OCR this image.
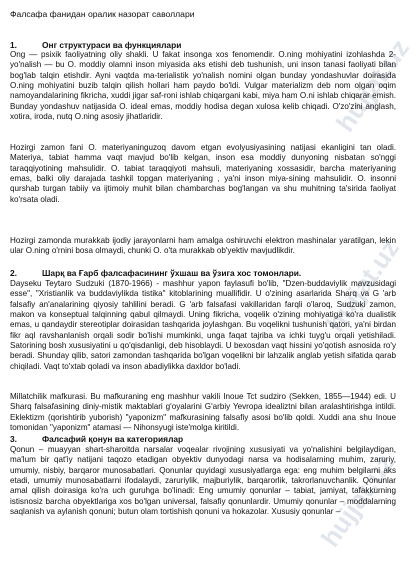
hujjat.uz
hujjat.uz
hujjat.uz
Фалсафа фанидан оралик назорат саволлари
1.	Онг структураси ва функциялари

Ong — psixik faoliyatning oliy shakli. U fakat insonga xos fenomendir. O.ning mohiyatini izohlashda 2-yo'nalish — bu O. moddiy olamni inson miyasida aks etishi deb tushunish, uni inson tanasi faoliyati bilan bog'lab talqin etishdir. Ayni vaqtda ma-terialistik yo'nalish nomini olgan bunday yondashuvlar doirasida O.ning mohiyatini buzib talqin qilish hollari ham paydo bo'ldi. Vulgar materializm deb nom olgan oqim namoyandalarining fikricha, xuddi jigar saf-roni ishlab chiqargani kabi, miya ham O.ni ishlab chiqarar emish. Bunday yondashuv natijasida O. ideal emas, moddiy hodisa degan xulosa kelib chiqadi. O'zo'zini anglash, xotira, iroda, nutq O.ning asosiy jihatlaridir.

Hozirgi zamon fani O. materiyaninguzoq davom etgan evolyusiyasining natijasi ekanligini tan oladi. Materiya, tabiat hamma vaqt mavjud bo'lib kelgan, inson esa moddiy dunyoning nisbatan so'nggi taraqqiyotining mahsulidir. O. tabiat taraqqiyoti mahsuli, materiyaning xossasidir, barcha materiyaning emas, balki oliy darajada tashkil topgan materiyaning , ya'ni inson miya-sining mahsulidir. O. insonni qurshab turgan tabiiy va ijtimoiy muhit bilan chambarchas bog'langan va shu muhitning ta'sirida faoliyat ko'rsata oladi.

Hozirgi zamonda murakkab ijodiy jarayonlarni ham amalga oshiruvchi elektron mashinalar yaratilgan, lekin ular O.ning o'rnini bosa olmaydi, chunki O. o'ta murakkab ob'yektiv mavjudlikdir.

2.	Шарқ ва Ғарб фалсафасининг ўхшаш ва ўзига хос томонлари.

Dayseku Teytaro Sudzuki (1870-1966) - mashhur yapon faylasufi bo'lib, "Dzen-buddaviylik mavzusidagi esse", "Xristianlik va buddaviylikda tistika" kitoblarining muallifidir. U o'zining asarlarida Sharq va G 'arb falsafiy an'analarining qiyosiy tahlilini beradi. G 'arb falsafasi vakillaridan farqli o'laroq, Sudzuki zamon, makon va konseptual talqinning qabul qilmaydi. Uning fikricha, voqelik o'zining mohiyatiga ko'ra dualistik emas, u qandaydir stereotiplar doirasidan tashqarida joylashgan. Bu voqelikni tushunish qatori, ya'ni birdan fikr aql ravshanlanish orqali sodir bo'lishi mumkinki, unga faqat tajriba va ichki tuyg'u orqali yetishiladi. Satorining bosh xususiyatini u qo'qisdanligi, deb hisoblaydi. U bexosdan vaqt hissini yo'qotish asnosida ro'y beradi. Shunday qilib, satori zamondan tashqarida bo'lgan voqelikni bir lahzalik anglab yetish sifatida qarab chiqiladi. Vaqt to'xtab qoladi va inson abadiylikka daxldor bo'ladi.

Millatchilik mafkurasi. Bu mafkuraning eng mashhur vakili Inoue Tct sudziro (Sekken, 1855—1944) edi. U Sharq falsafasining diniy-mistik maktablari g'oyalarini G'arbiy Yevropa idealiztni bilan aralashtirishga intildi. Eklektizm (qorishtirib yuborish) "yaponizm" mafkurasining falsafiy asosi bo'lib qoldi. Xuddi ana shu Inoue tomonidan "yaponizm" atamasi — Nihonsyugi iste'molga kiritildi.

3.	Фалсафий қонун ва категориялар

Qonun – muayyan shart-sharoitda narsalar voqealar rivojining xususiyati va yo'nalishini belgilaydigan, ma'lum bir qat'iy natijani taqozo etadigan obyektiv dunyodagi narsa va hodisalarning muhim, zaruriy, umumiy, nisbiy, barqaror munosabatlari. Qonunlar quyidagi xususiyatlarga ega: eng muhim belgilarni aks etadi, umumiy munosabatlarni ifodalaydi, zaruriylik, majburiylik, barqarorlik, takrorlanuvchanlik. Qonunlar amal qilish doirasiga ko'ra uch guruhga bo'linadi: Eng umumiy qonunlar – tabiat, jamiyat, tafakkurning istisnosiz barcha obyektlariga xos bo'lgan universal, falsafiy qonunlardir. Umumiy qonunlar – moddalarning saqlanish va aylanish qonuni; butun olam tortishish qonuni va hokazolar. Xususiy qonunlar –
